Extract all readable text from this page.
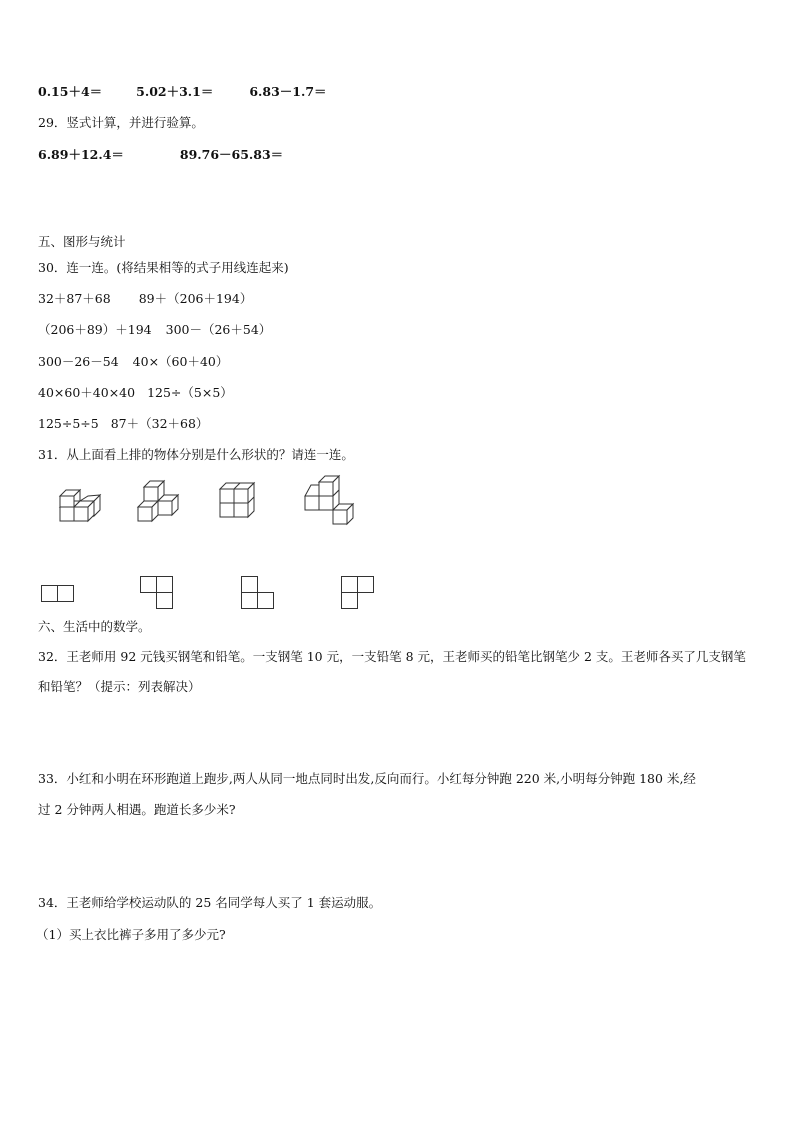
0.15＋4＝	5.02＋3.1＝	6.83－1.7＝
29．竖式计算，并进行验算。
6.89＋12.4＝	89.76－65.83＝
五、图形与统计
30．连一连。(将结果相等的式子用线连起来)
32＋87＋68 89＋（206＋194）
（206＋89）＋194 300－（26＋54）
300－26－54 40×（60＋40）
40×60＋40×40 125÷（5×5）
125÷5÷5 87＋（32＋68）
31．从上面看上排的物体分别是什么形状的？请连一连。
六、生活中的数学。
32．王老师用 92 元钱买钢笔和铅笔。一支钢笔 10 元，一支铅笔 8 元，王老师买的铅笔比钢笔少 2 支。王老师各买了几支钢笔和铅笔？（提示：列表解决）
33．小红和小明在环形跑道上跑步,两人从同一地点同时出发,反向而行。小红每分钟跑 220 米,小明每分钟跑 180 米,经
过 2 分钟两人相遇。跑道长多少米?
34．王老师给学校运动队的 25 名同学每人买了 1 套运动服。
（1）买上衣比裤子多用了多少元?
